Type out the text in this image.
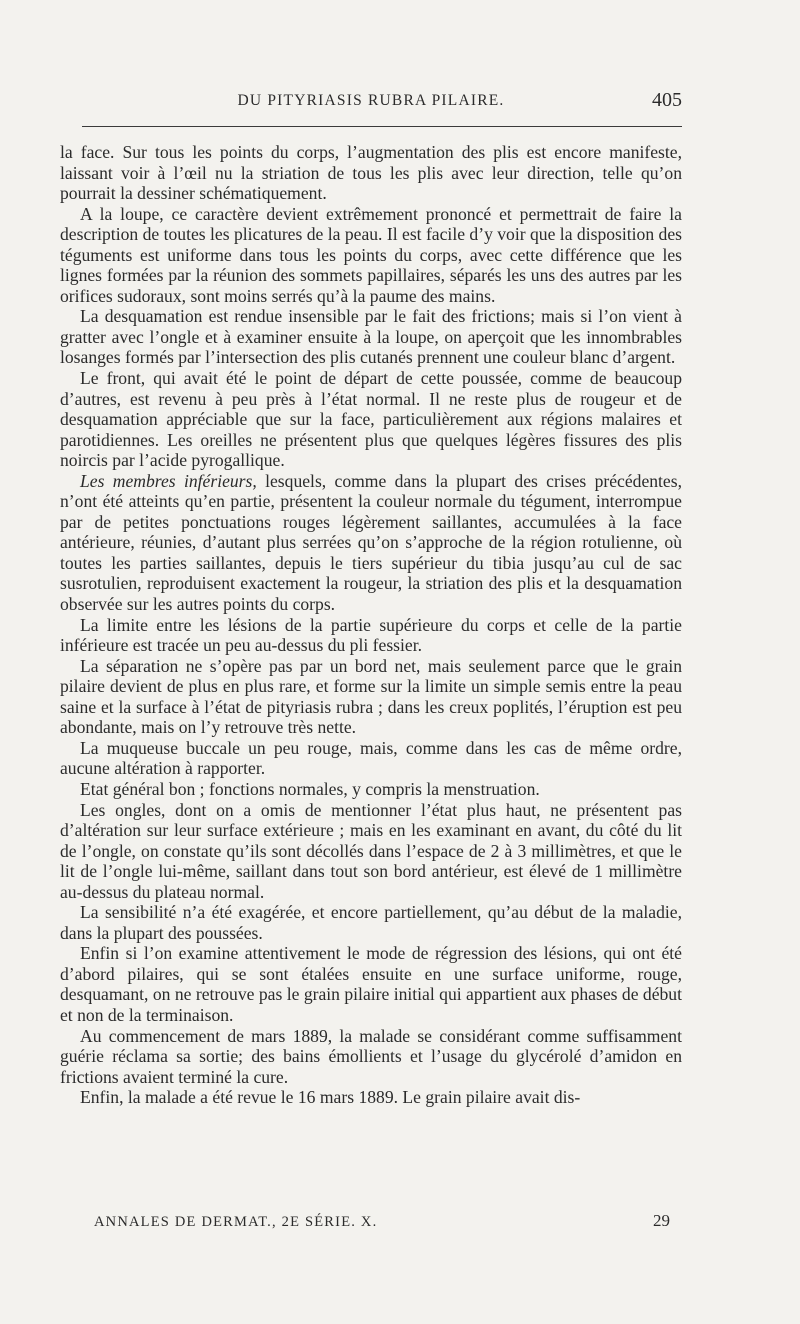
DU PITYRIASIS RUBRA PILAIRE.	405

la face. Sur tous les points du corps, l’augmentation des plis est encore manifeste, laissant voir à l’œil nu la striation de tous les plis avec leur direction, telle qu’on pourrait la dessiner schématiquement.

A la loupe, ce caractère devient extrêmement prononcé et permettrait de faire la description de toutes les plicatures de la peau. Il est facile d’y voir que la disposition des téguments est uniforme dans tous les points du corps, avec cette différence que les lignes formées par la réunion des sommets papillaires, séparés les uns des autres par les orifices sudoraux, sont moins serrés qu’à la paume des mains.

La desquamation est rendue insensible par le fait des frictions; mais si l’on vient à gratter avec l’ongle et à examiner ensuite à la loupe, on aperçoit que les innombrables losanges formés par l’intersection des plis cutanés prennent une couleur blanc d’argent.

Le front, qui avait été le point de départ de cette poussée, comme de beaucoup d’autres, est revenu à peu près à l’état normal. Il ne reste plus de rougeur et de desquamation appréciable que sur la face, particulièrement aux régions malaires et parotidiennes. Les oreilles ne présentent plus que quelques légères fissures des plis noircis par l’acide pyrogallique.

Les membres inférieurs, lesquels, comme dans la plupart des crises précédentes, n’ont été atteints qu’en partie, présentent la couleur normale du tégument, interrompue par de petites ponctuations rouges légèrement saillantes, accumulées à la face antérieure, réunies, d’autant plus serrées qu’on s’approche de la région rotulienne, où toutes les parties saillantes, depuis le tiers supérieur du tibia jusqu’au cul de sac susrotulien, reproduisent exactement la rougeur, la striation des plis et la desquamation observée sur les autres points du corps.

La limite entre les lésions de la partie supérieure du corps et celle de la partie inférieure est tracée un peu au-dessus du pli fessier.

La séparation ne s’opère pas par un bord net, mais seulement parce que le grain pilaire devient de plus en plus rare, et forme sur la limite un simple semis entre la peau saine et la surface à l’état de pityriasis rubra ; dans les creux poplités, l’éruption est peu abondante, mais on l’y retrouve très nette.

La muqueuse buccale un peu rouge, mais, comme dans les cas de même ordre, aucune altération à rapporter.

Etat général bon ; fonctions normales, y compris la menstruation.

Les ongles, dont on a omis de mentionner l’état plus haut, ne présentent pas d’altération sur leur surface extérieure ; mais en les examinant en avant, du côté du lit de l’ongle, on constate qu’ils sont décollés dans l’espace de 2 à 3 millimètres, et que le lit de l’ongle lui-même, saillant dans tout son bord antérieur, est élevé de 1 millimètre au-dessus du plateau normal.

La sensibilité n’a été exagérée, et encore partiellement, qu’au début de la maladie, dans la plupart des poussées.

Enfin si l’on examine attentivement le mode de régression des lésions, qui ont été d’abord pilaires, qui se sont étalées ensuite en une surface uniforme, rouge, desquamant, on ne retrouve pas le grain pilaire initial qui appartient aux phases de début et non de la terminaison.

Au commencement de mars 1889, la malade se considérant comme suffisamment guérie réclama sa sortie; des bains émollients et l’usage du glycérolé d’amidon en frictions avaient terminé la cure.

Enfin, la malade a été revue le 16 mars 1889. Le grain pilaire avait dis-

ANNALES DE DERMAT., 2E SÉRIE. X.	29
